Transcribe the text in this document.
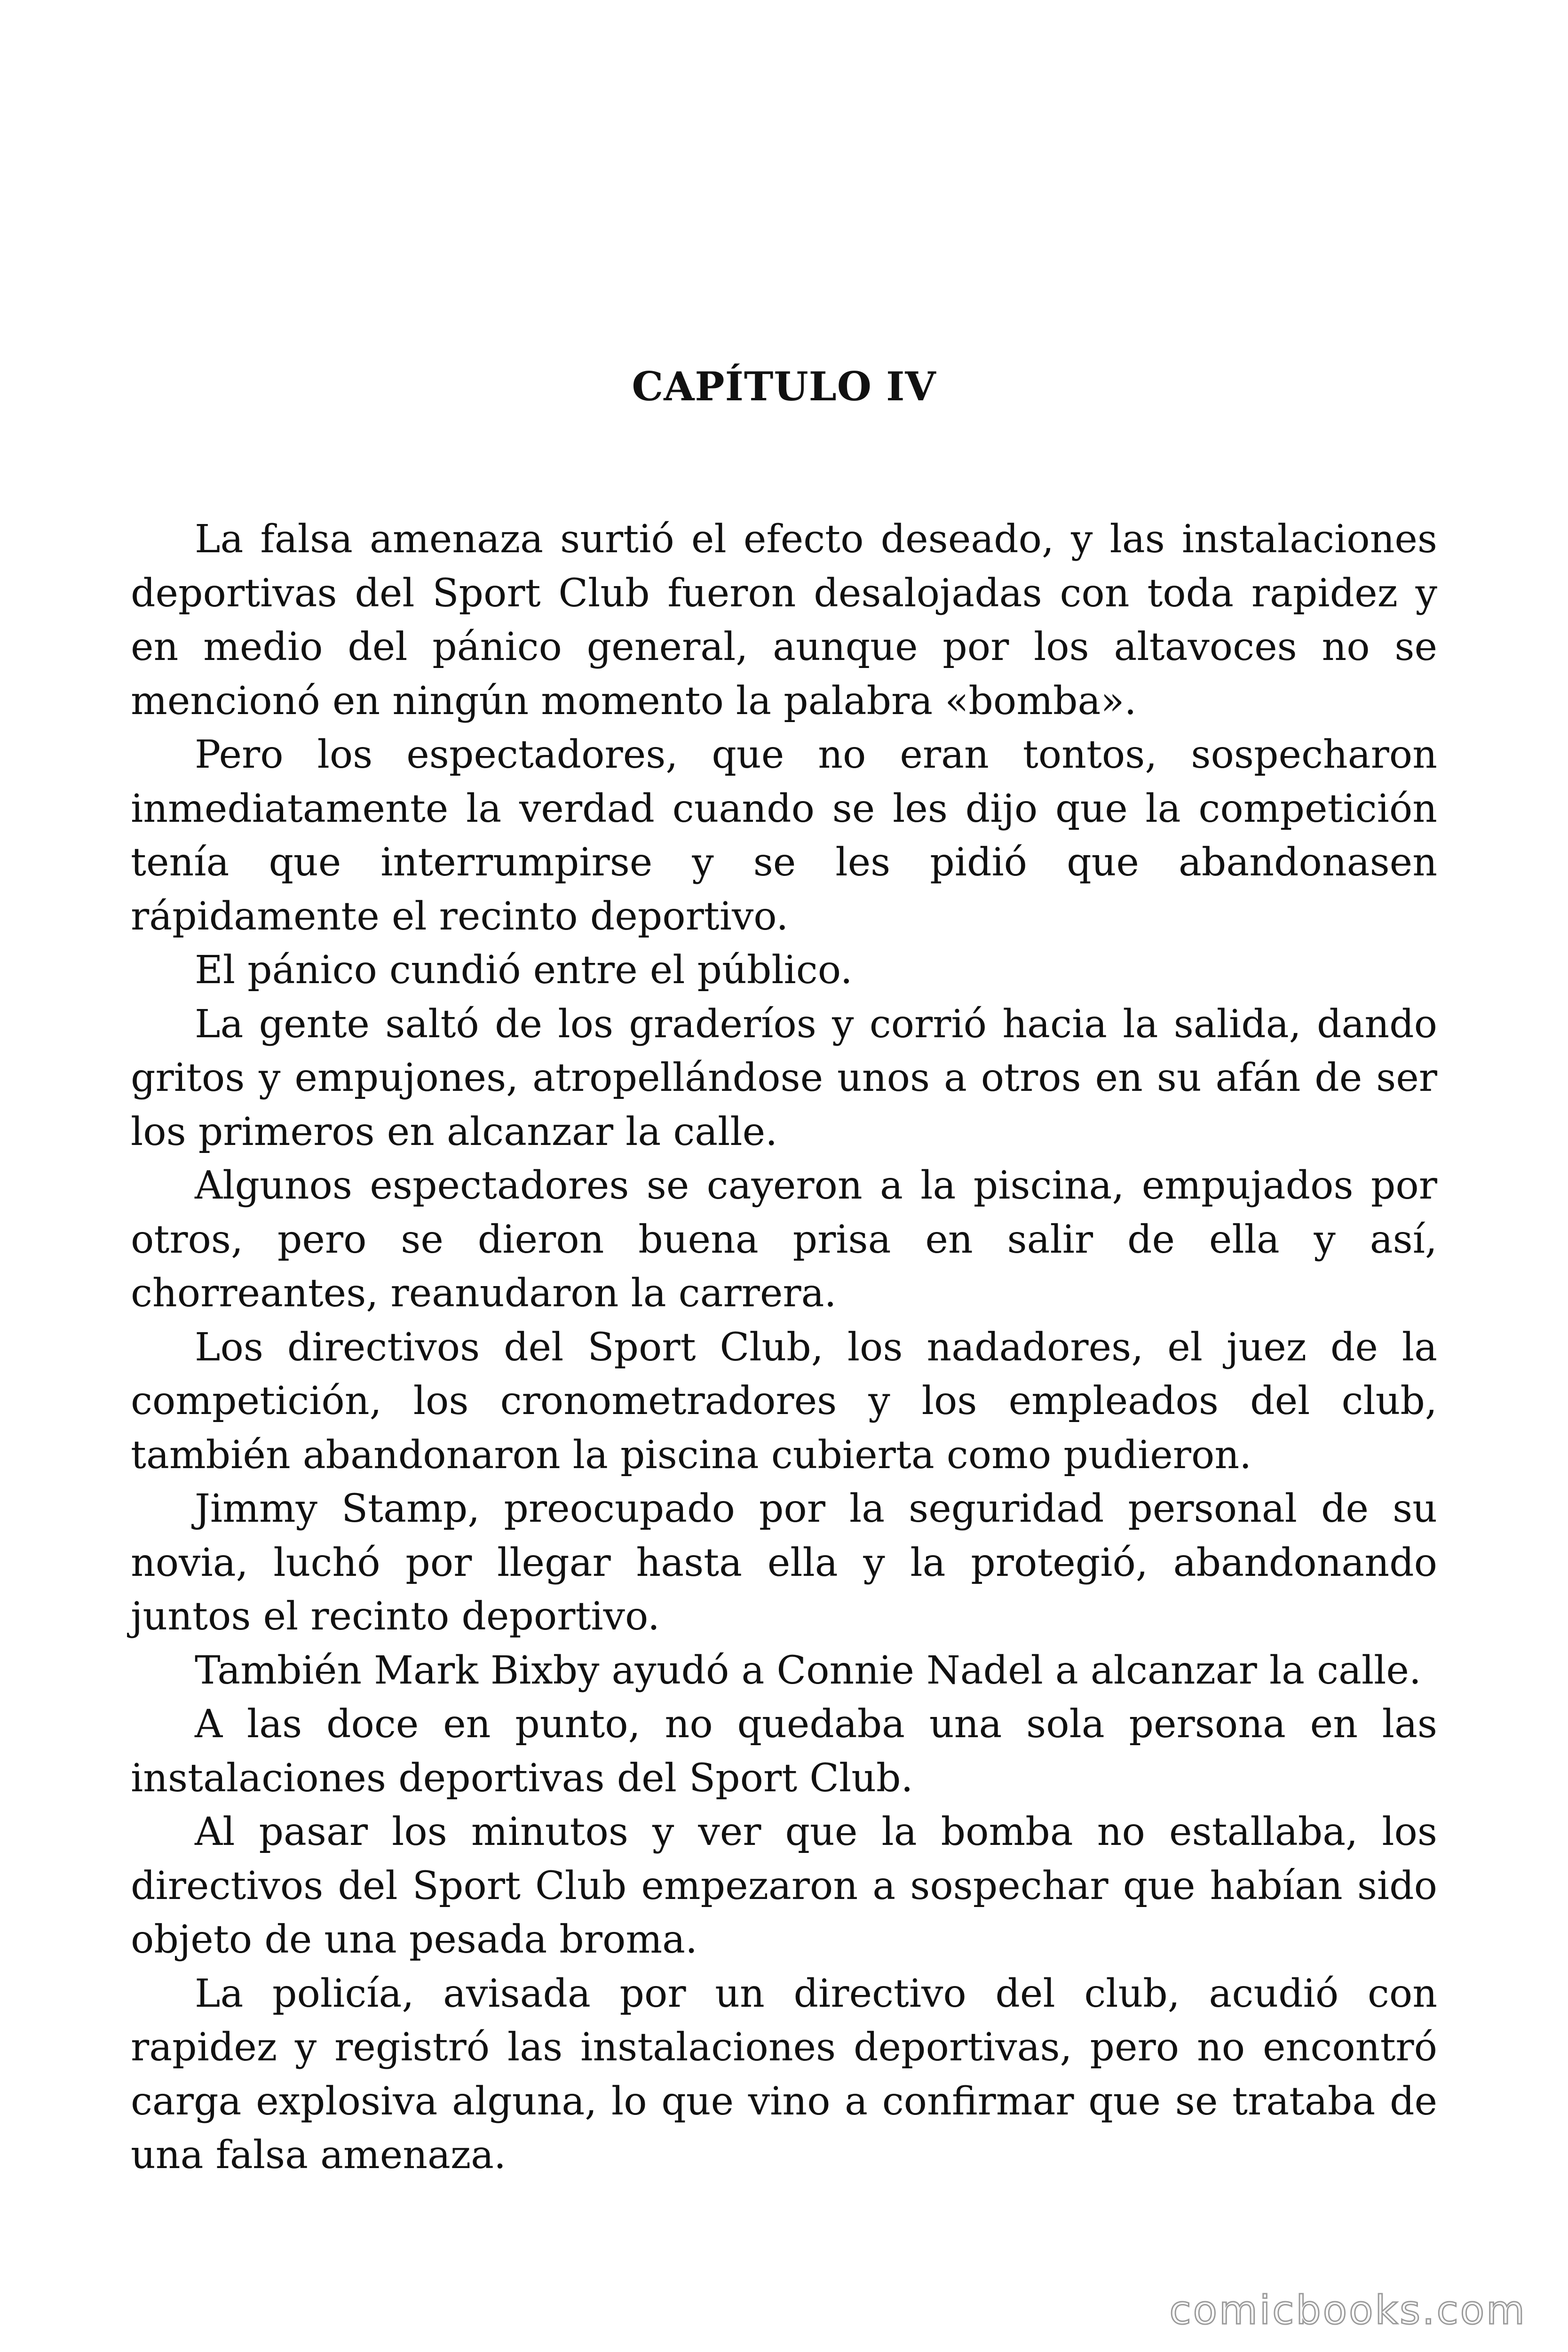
CAPÍTULO IV

La falsa amenaza surtió el efecto deseado, y las instalaciones deportivas del Sport Club fueron desalojadas con toda rapidez y en medio del pánico general, aunque por los altavoces no se mencionó en ningún momento la palabra «bomba».

Pero los espectadores, que no eran tontos, sospecharon inmediatamente la verdad cuando se les dijo que la competición tenía que interrumpirse y se les pidió que abandonasen rápidamente el recinto deportivo.

El pánico cundió entre el público.

La gente saltó de los graderíos y corrió hacia la salida, dando gritos y empujones, atropellándose unos a otros en su afán de ser los primeros en alcanzar la calle.

Algunos espectadores se cayeron a la piscina, empujados por otros, pero se dieron buena prisa en salir de ella y así, chorreantes, reanudaron la carrera.

Los directivos del Sport Club, los nadadores, el juez de la competición, los cronometradores y los empleados del club, también abandonaron la piscina cubierta como pudieron.

Jimmy Stamp, preocupado por la seguridad personal de su novia, luchó por llegar hasta ella y la protegió, abandonando juntos el recinto deportivo.

También Mark Bixby ayudó a Connie Nadel a alcanzar la calle.

A las doce en punto, no quedaba una sola persona en las instalaciones deportivas del Sport Club.

Al pasar los minutos y ver que la bomba no estallaba, los directivos del Sport Club empezaron a sospechar que habían sido objeto de una pesada broma.

La policía, avisada por un directivo del club, acudió con rapidez y registró las instalaciones deportivas, pero no encontró carga explosiva alguna, lo que vino a confirmar que se trataba de una falsa amenaza.

comicbooks.com
